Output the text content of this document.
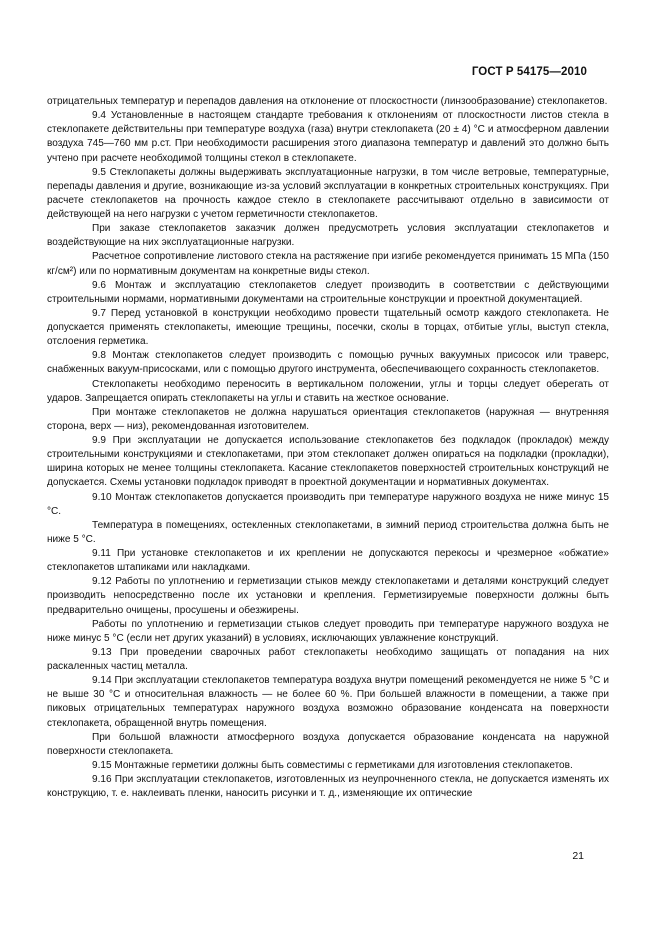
ГОСТ Р 54175—2010

отрицательных температур и перепадов давления на отклонение от плоскостности (линзообразование) стеклопакетов.

9.4 Установленные в настоящем стандарте требования к отклонениям от плоскостности листов стекла в стеклопакете действительны при температуре воздуха (газа) внутри стеклопакета (20 ± 4) °С и атмосферном давлении воздуха 745—760 мм р.ст. При необходимости расширения этого диапазона температур и давлений это должно быть учтено при расчете необходимой толщины стекол в стеклопакете.

9.5 Стеклопакеты должны выдерживать эксплуатационные нагрузки, в том числе ветровые, температурные, перепады давления и другие, возникающие из-за условий эксплуатации в конкретных строительных конструкциях. При расчете стеклопакетов на прочность каждое стекло в стеклопакете рассчитывают отдельно в зависимости от действующей на него нагрузки с учетом герметичности стеклопакетов.

При заказе стеклопакетов заказчик должен предусмотреть условия эксплуатации стеклопакетов и воздействующие на них эксплуатационные нагрузки.

Расчетное сопротивление листового стекла на растяжение при изгибе рекомендуется принимать 15 МПа (150 кг/см²) или по нормативным документам на конкретные виды стекол.

9.6 Монтаж и эксплуатацию стеклопакетов следует производить в соответствии с действующими строительными нормами, нормативными документами на строительные конструкции и проектной документацией.

9.7 Перед установкой в конструкции необходимо провести тщательный осмотр каждого стеклопакета. Не допускается применять стеклопакеты, имеющие трещины, посечки, сколы в торцах, отбитые углы, выступ стекла, отслоения герметика.

9.8 Монтаж стеклопакетов следует производить с помощью ручных вакуумных присосок или траверс, снабженных вакуум-присосками, или с помощью другого инструмента, обеспечивающего сохранность стеклопакетов.

Стеклопакеты необходимо переносить в вертикальном положении, углы и торцы следует оберегать от ударов. Запрещается опирать стеклопакеты на углы и ставить на жесткое основание.

При монтаже стеклопакетов не должна нарушаться ориентация стеклопакетов (наружная — внутренняя сторона, верх — низ), рекомендованная изготовителем.

9.9 При эксплуатации не допускается использование стеклопакетов без подкладок (прокладок) между строительными конструкциями и стеклопакетами, при этом стеклопакет должен опираться на подкладки (прокладки), ширина которых не менее толщины стеклопакета. Касание стеклопакетов поверхностей строительных конструкций не допускается. Схемы установки подкладок приводят в проектной документации и нормативных документах.

9.10 Монтаж стеклопакетов допускается производить при температуре наружного воздуха не ниже минус 15 °С.

Температура в помещениях, остекленных стеклопакетами, в зимний период строительства должна быть не ниже 5 °С.

9.11 При установке стеклопакетов и их креплении не допускаются перекосы и чрезмерное «обжатие» стеклопакетов штапиками или накладками.

9.12 Работы по уплотнению и герметизации стыков между стеклопакетами и деталями конструкций следует производить непосредственно после их установки и крепления. Герметизируемые поверхности должны быть предварительно очищены, просушены и обезжирены.

Работы по уплотнению и герметизации стыков следует проводить при температуре наружного воздуха не ниже минус 5 °С (если нет других указаний) в условиях, исключающих увлажнение конструкций.

9.13 При проведении сварочных работ стеклопакеты необходимо защищать от попадания на них раскаленных частиц металла.

9.14 При эксплуатации стеклопакетов температура воздуха внутри помещений рекомендуется не ниже 5 °С и не выше 30 °С и относительная влажность — не более 60 %. При большей влажности в помещении, а также при пиковых отрицательных температурах наружного воздуха возможно образование конденсата на поверхности стеклопакета, обращенной внутрь помещения.

При большой влажности атмосферного воздуха допускается образование конденсата на наружной поверхности стеклопакета.

9.15 Монтажные герметики должны быть совместимы с герметиками для изготовления стеклопакетов.

9.16 При эксплуатации стеклопакетов, изготовленных из неупрочненного стекла, не допускается изменять их конструкцию, т. е. наклеивать пленки, наносить рисунки и т. д., изменяющие их оптические

21
